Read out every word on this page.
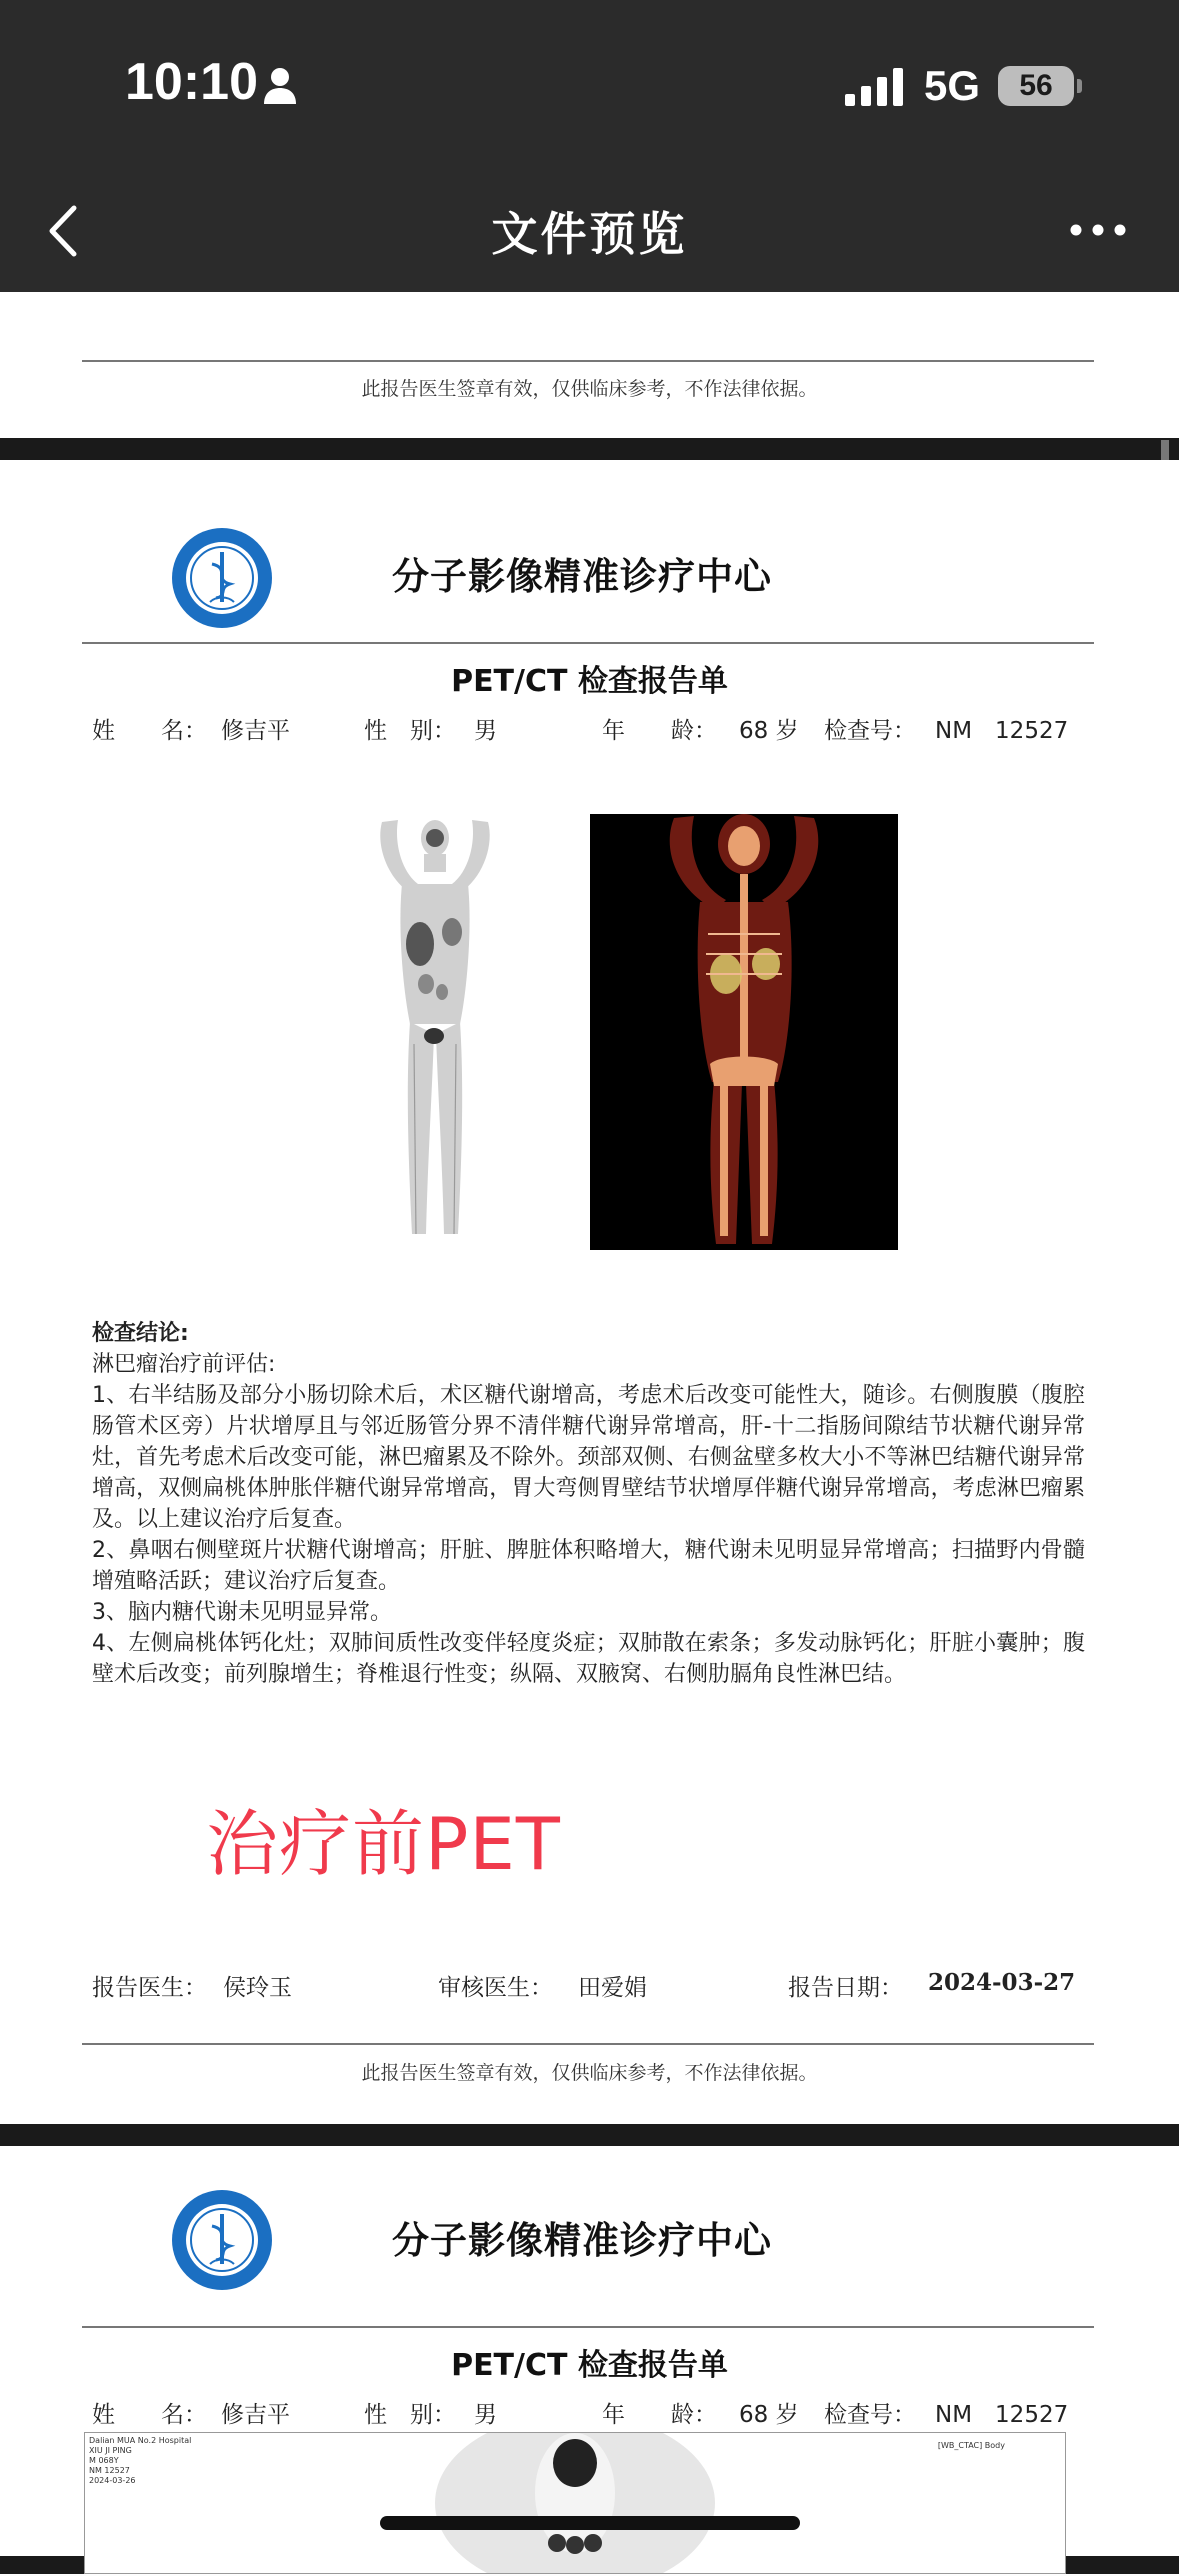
10:10	5G	56
文件预览
此报告医生签章有效，仅供临床参考，不作法律依据。
分子影像精准诊疗中心
PET/CT 检查报告单
姓　　名： 修吉平	性　别： 男	年　　龄： 68 岁 检查号： NM　12527

检查结论:

淋巴瘤治疗前评估:

1、右半结肠及部分小肠切除术后，术区糖代谢增高，考虑术后改变可能性大，随诊。右侧腹膜（腹腔肠管术区旁）片状增厚且与邻近肠管分界不清伴糖代谢异常增高，肝-十二指肠间隙结节状糖代谢异常灶，首先考虑术后改变可能，淋巴瘤累及不除外。颈部双侧、右侧盆壁多枚大小不等淋巴结糖代谢异常增高，双侧扁桃体肿胀伴糖代谢异常增高，胃大弯侧胃壁结节状增厚伴糖代谢异常增高，考虑淋巴瘤累及。以上建议治疗后复查。

2、鼻咽右侧壁斑片状糖代谢增高；肝脏、脾脏体积略增大，糖代谢未见明显异常增高；扫描野内骨髓增殖略活跃；建议治疗后复查。

3、脑内糖代谢未见明显异常。

4、左侧扁桃体钙化灶；双肺间质性改变伴轻度炎症；双肺散在索条；多发动脉钙化；肝脏小囊肿；腹壁术后改变；前列腺增生；脊椎退行性变；纵隔、双腋窝、右侧肋膈角良性淋巴结。

治疗前PET
报告医生： 侯玲玉	审核医生： 田爱娟	报告日期： 2024-03-27
此报告医生签章有效，仅供临床参考，不作法律依据。
分子影像精准诊疗中心
PET/CT 检查报告单
姓　　名： 修吉平	性　别： 男	年　　龄： 68 岁 检查号： NM　12527
Dalian MUA No.2 Hospital
XIU JI PING
M 068Y
NM 12527
2024-03-26
[WB_CTAC] Body
